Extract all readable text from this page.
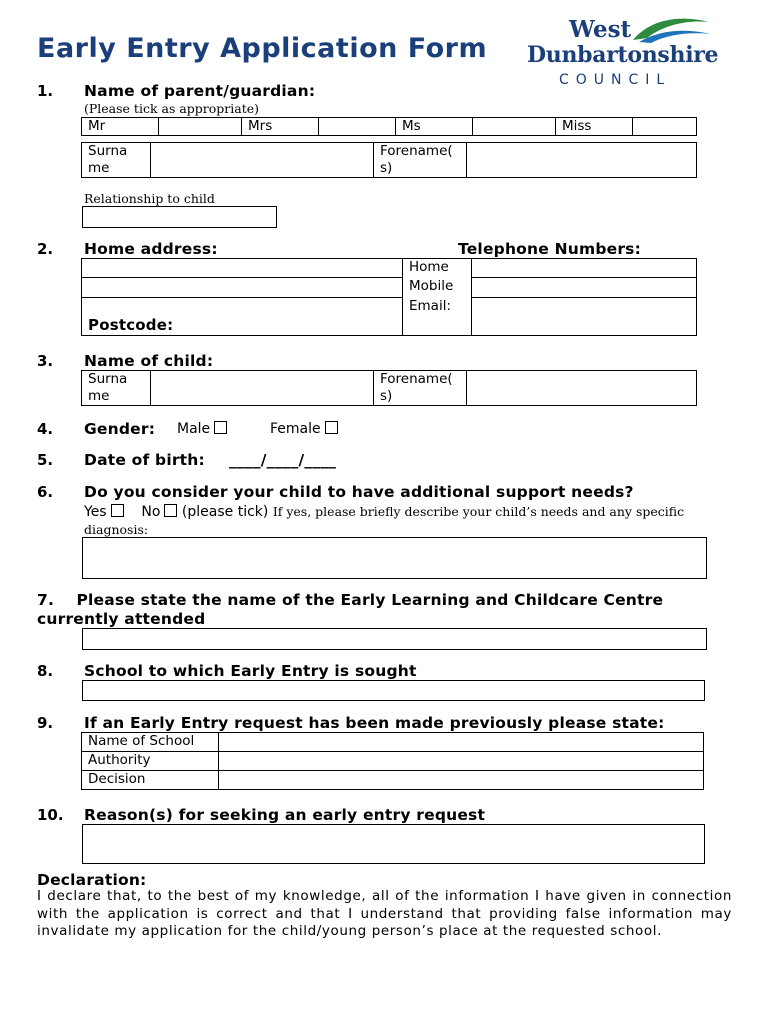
Early Entry Application Form
West
Dunbartonshire
COUNCIL
1. Name of parent/guardian:
(Please tick as appropriate)
Mr		Mrs		Ms		Miss	
Surna me		Forename( s)	
Relationship to child
2. Home address:	Telephone Numbers:
	Home	
	Mobile	
Postcode:	Email:	
3. Name of child:
Surna me		Forename( s)	
4. Gender: Male	Female
5. Date of birth: ____/____/____
6. Do you consider your child to have additional support needs?
Yes No (please tick) If yes, please briefly describe your child’s needs and any specific diagnosis:
7. Please state the name of the Early Learning and Childcare Centre
currently attended
8. School to which Early Entry is sought
9. If an Early Entry request has been made previously please state:
Name of School	
Authority	
Decision	
10. Reason(s) for seeking an early entry request
Declaration:
I declare that, to the best of my knowledge, all of the information I have given in connection with the application is correct and that I understand that providing false information may invalidate my application for the child/young person’s place at the requested school.
